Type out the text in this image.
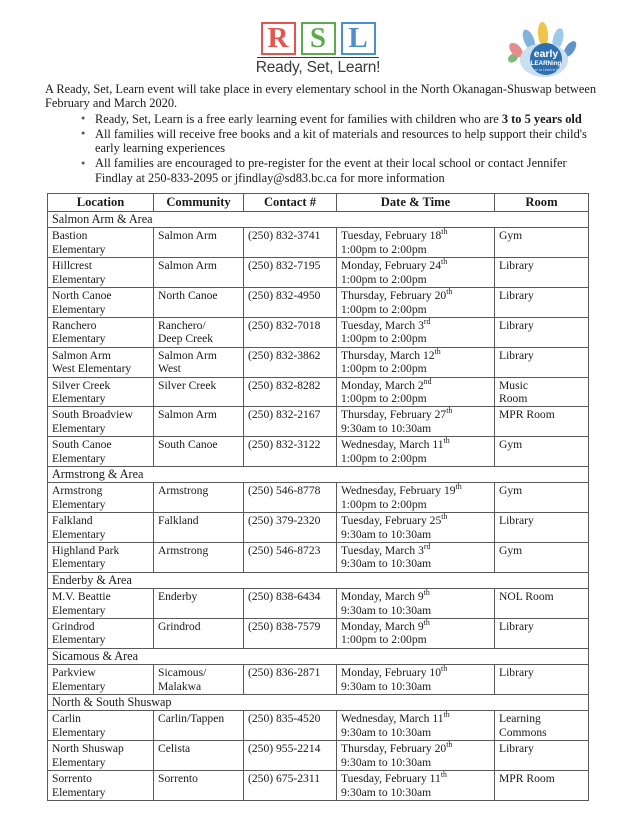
R S L
Ready, Set, Learn!
early
LEARNing
Born to Learn in BC

A Ready, Set, Learn event will take place in every elementary school in the North Okanagan-Shuswap between February and March 2020.

● Ready, Set, Learn is a free early learning event for families with children who are 3 to 5 years old
● All families will receive free books and a kit of materials and resources to help support their child's early learning experiences
● All families are encouraged to pre-register for the event at their local school or contact Jennifer Findlay at 250-833-2095 or jfindlay@sd83.bc.ca for more information
Location	Community	Contact #	Date & Time	Room
Salmon Arm & Area				

Bastion
Elementary	Salmon Arm	(250) 832-3741	Tuesday, February 18th
1:00pm to 2:00pm	Gym

Hillcrest
Elementary	Salmon Arm	(250) 832-7195	Monday, February 24th
1:00pm to 2:00pm	Library

North Canoe
Elementary	North Canoe	(250) 832-4950	Thursday, February 20th
1:00pm to 2:00pm	Library

Ranchero
Elementary	Ranchero/
Deep Creek	(250) 832-7018	Tuesday, March 3rd
1:00pm to 2:00pm	Library

Salmon Arm
West Elementary	Salmon Arm
West	(250) 832-3862	Thursday, March 12th
1:00pm to 2:00pm	Library

Silver Creek
Elementary	Silver Creek	(250) 832-8282	Monday, March 2nd
1:00pm to 2:00pm	Music
Room

South Broadview
Elementary	Salmon Arm	(250) 832-2167	Thursday, February 27th
9:30am to 10:30am	MPR Room

South Canoe
Elementary	South Canoe	(250) 832-3122	Wednesday, March 11th
1:00pm to 2:00pm	Gym

Armstrong & Area				

Armstrong
Elementary	Armstrong	(250) 546-8778	Wednesday, February 19th
1:00pm to 2:00pm	Gym

Falkland
Elementary	Falkland	(250) 379-2320	Tuesday, February 25th
9:30am to 10:30am	Library

Highland Park
Elementary	Armstrong	(250) 546-8723	Tuesday, March 3rd
9:30am to 10:30am	Gym

Enderby & Area				

M.V. Beattie
Elementary	Enderby	(250) 838-6434	Monday, March 9th
9:30am to 10:30am	NOL Room

Grindrod
Elementary	Grindrod	(250) 838-7579	Monday, March 9th
1:00pm to 2:00pm	Library

Sicamous & Area				

Parkview
Elementary	Sicamous/
Malakwa	(250) 836-2871	Monday, February 10th
9:30am to 10:30am	Library

North & South Shuswap				

Carlin
Elementary	Carlin/Tappen	(250) 835-4520	Wednesday, March 11th
9:30am to 10:30am	Learning
Commons

North Shuswap
Elementary	Celista	(250) 955-2214	Thursday, February 20th
9:30am to 10:30am	Library

Sorrento
Elementary	Sorrento	(250) 675-2311	Tuesday, February 11th
9:30am to 10:30am	MPR Room
